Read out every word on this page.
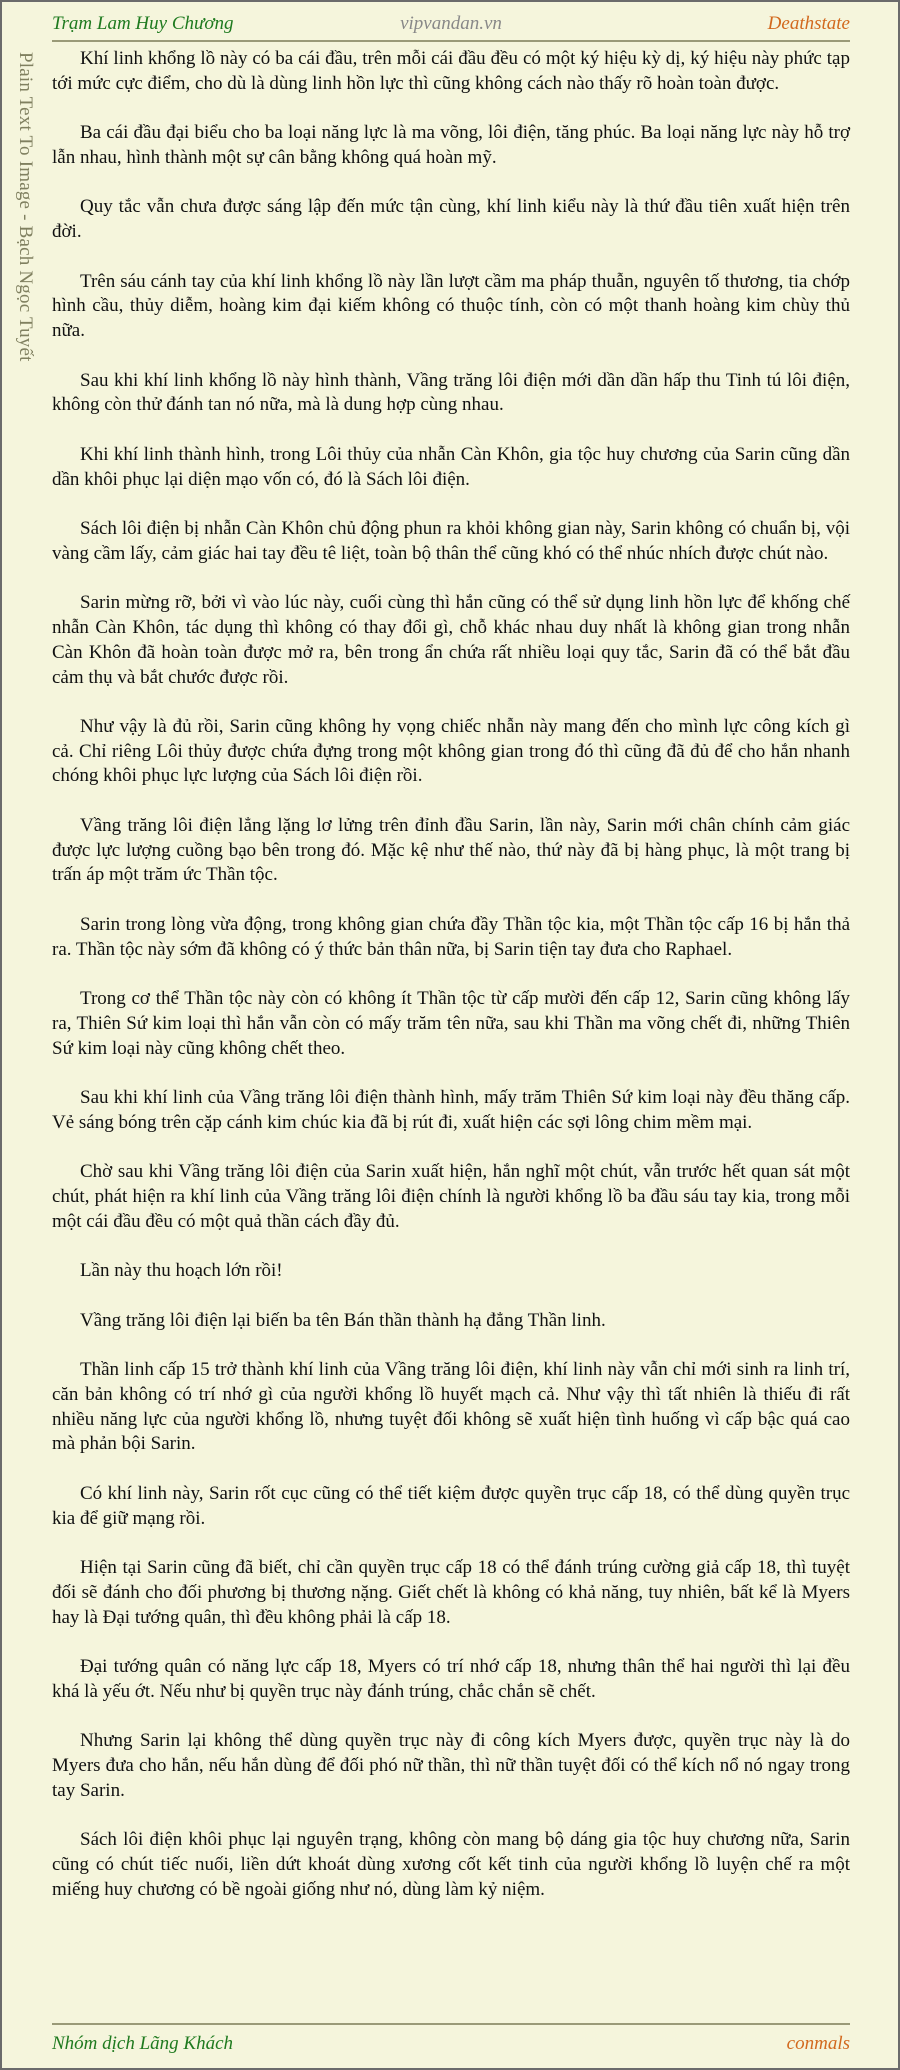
Trạm Lam Huy Chương	vipvandan.vn	Deathstate
Plain Text To Image - Bạch Ngọc Tuyết	Khí linh khổng lồ này có ba cái đầu, trên mỗi cái đầu đều có một ký hiệu kỳ dị, ký hiệu này phức tạp tới mức cực điểm, cho dù là dùng linh hồn lực thì cũng không cách nào thấy rõ hoàn toàn được.

Ba cái đầu đại biểu cho ba loại năng lực là ma võng, lôi điện, tăng phúc. Ba loại năng lực này hỗ trợ lẫn nhau, hình thành một sự cân bằng không quá hoàn mỹ.

Quy tắc vẫn chưa được sáng lập đến mức tận cùng, khí linh kiểu này là thứ đầu tiên xuất hiện trên đời.

Trên sáu cánh tay của khí linh khổng lồ này lần lượt cầm ma pháp thuẫn, nguyên tố thương, tia chớp hình cầu, thủy diễm, hoàng kim đại kiếm không có thuộc tính, còn có một thanh hoàng kim chùy thủ nữa.

Sau khi khí linh khổng lồ này hình thành, Vầng trăng lôi điện mới dần dần hấp thu Tinh tú lôi điện, không còn thử đánh tan nó nữa, mà là dung hợp cùng nhau.

Khi khí linh thành hình, trong Lôi thủy của nhẫn Càn Khôn, gia tộc huy chương của Sarin cũng dần dần khôi phục lại diện mạo vốn có, đó là Sách lôi điện.

Sách lôi điện bị nhẫn Càn Khôn chủ động phun ra khỏi không gian này, Sarin không có chuẩn bị, vội vàng cầm lấy, cảm giác hai tay đều tê liệt, toàn bộ thân thể cũng khó có thể nhúc nhích được chút nào.

Sarin mừng rỡ, bởi vì vào lúc này, cuối cùng thì hắn cũng có thể sử dụng linh hồn lực để khống chế nhẫn Càn Khôn, tác dụng thì không có thay đổi gì, chỗ khác nhau duy nhất là không gian trong nhẫn Càn Khôn đã hoàn toàn được mở ra, bên trong ẩn chứa rất nhiều loại quy tắc, Sarin đã có thể bắt đầu cảm thụ và bắt chước được rồi.

Như vậy là đủ rồi, Sarin cũng không hy vọng chiếc nhẫn này mang đến cho mình lực công kích gì cả. Chỉ riêng Lôi thủy được chứa đựng trong một không gian trong đó thì cũng đã đủ để cho hắn nhanh chóng khôi phục lực lượng của Sách lôi điện rồi.

Vầng trăng lôi điện lẳng lặng lơ lửng trên đỉnh đầu Sarin, lần này, Sarin mới chân chính cảm giác được lực lượng cuồng bạo bên trong đó. Mặc kệ như thế nào, thứ này đã bị hàng phục, là một trang bị trấn áp một trăm ức Thần tộc.

Sarin trong lòng vừa động, trong không gian chứa đầy Thần tộc kia, một Thần tộc cấp 16 bị hắn thả ra. Thần tộc này sớm đã không có ý thức bản thân nữa, bị Sarin tiện tay đưa cho Raphael.

Trong cơ thể Thần tộc này còn có không ít Thần tộc từ cấp mười đến cấp 12, Sarin cũng không lấy ra, Thiên Sứ kim loại thì hắn vẫn còn có mấy trăm tên nữa, sau khi Thần ma võng chết đi, những Thiên Sứ kim loại này cũng không chết theo.

Sau khi khí linh của Vầng trăng lôi điện thành hình, mấy trăm Thiên Sứ kim loại này đều thăng cấp. Vẻ sáng bóng trên cặp cánh kim chúc kia đã bị rút đi, xuất hiện các sợi lông chim mềm mại.

Chờ sau khi Vầng trăng lôi điện của Sarin xuất hiện, hắn nghĩ một chút, vẫn trước hết quan sát một chút, phát hiện ra khí linh của Vầng trăng lôi điện chính là người khổng lồ ba đầu sáu tay kia, trong mỗi một cái đầu đều có một quả thần cách đầy đủ.

Lần này thu hoạch lớn rồi!

Vầng trăng lôi điện lại biến ba tên Bán thần thành hạ đẳng Thần linh.

Thần linh cấp 15 trở thành khí linh của Vầng trăng lôi điện, khí linh này vẫn chỉ mới sinh ra linh trí, căn bản không có trí nhớ gì của người khổng lồ huyết mạch cả. Như vậy thì tất nhiên là thiếu đi rất nhiều năng lực của người khổng lồ, nhưng tuyệt đối không sẽ xuất hiện tình huống vì cấp bậc quá cao mà phản bội Sarin.

Có khí linh này, Sarin rốt cục cũng có thể tiết kiệm được quyền trục cấp 18, có thể dùng quyền trục kia để giữ mạng rồi.

Hiện tại Sarin cũng đã biết, chỉ cần quyền trục cấp 18 có thể đánh trúng cường giả cấp 18, thì tuyệt đối sẽ đánh cho đối phương bị thương nặng. Giết chết là không có khả năng, tuy nhiên, bất kể là Myers hay là Đại tướng quân, thì đều không phải là cấp 18.

Đại tướng quân có năng lực cấp 18, Myers có trí nhớ cấp 18, nhưng thân thể hai người thì lại đều khá là yếu ớt. Nếu như bị quyền trục này đánh trúng, chắc chắn sẽ chết.

Nhưng Sarin lại không thể dùng quyền trục này đi công kích Myers được, quyền trục này là do Myers đưa cho hắn, nếu hắn dùng để đối phó nữ thần, thì nữ thần tuyệt đối có thể kích nổ nó ngay trong tay Sarin.

Sách lôi điện khôi phục lại nguyên trạng, không còn mang bộ dáng gia tộc huy chương nữa, Sarin cũng có chút tiếc nuối, liền dứt khoát dùng xương cốt kết tinh của người khổng lồ luyện chế ra một miếng huy chương có bề ngoài giống như nó, dùng làm kỷ niệm.

Nhóm dịch Lãng Khách	conmals
